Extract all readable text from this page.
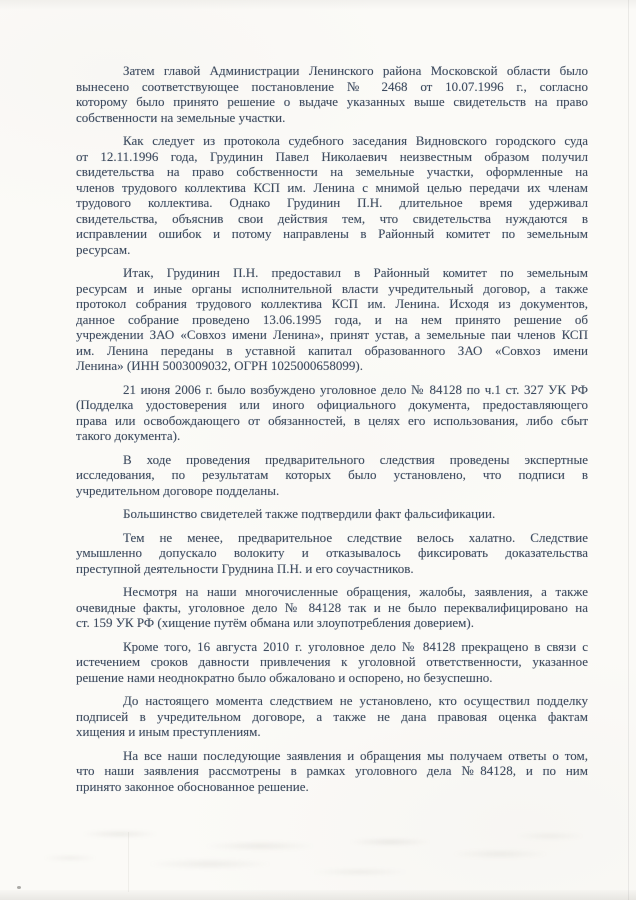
Затем главой Администрации Ленинского района Московской области было
вынесено соответствующее постановление № 2468 от 10.07.1996 г., согласно
которому было принято решение о выдаче указанных выше свидетельств на право
собственности на земельные участки.
Как следует из протокола судебного заседания Видновского городского суда
от 12.11.1996 года, Грудинин Павел Николаевич неизвестным образом получил
свидетельства на право собственности на земельные участки, оформленные на
членов трудового коллектива КСП им. Ленина с мнимой целью передачи их членам
трудового коллектива. Однако Грудинин П.Н. длительное время удерживал
свидетельства, объяснив свои действия тем, что свидетельства нуждаются в
исправлении ошибок и потому направлены в Районный комитет по земельным
ресурсам.
Итак, Грудинин П.Н. предоставил в Районный комитет по земельным
ресурсам и иные органы исполнительной власти учредительный договор, а также
протокол собрания трудового коллектива КСП им. Ленина. Исходя из документов,
данное собрание проведено 13.06.1995 года, и на нем принято решение об
учреждении ЗАО «Совхоз имени Ленина», принят устав, а земельные паи членов КСП
им. Ленина переданы в уставной капитал образованного ЗАО «Совхоз имени
Ленина» (ИНН 5003009032, ОГРН 1025000658099).
21 июня 2006 г. было возбуждено уголовное дело № 84128 по ч.1 ст. 327 УК РФ
(Подделка удостоверения или иного официального документа, предоставляющего
права или освобождающего от обязанностей, в целях его использования, либо сбыт
такого документа).
В ходе проведения предварительного следствия проведены экспертные
исследования, по результатам которых было установлено, что подписи в
учредительном договоре подделаны.
Большинство свидетелей также подтвердили факт фальсификации.
Тем не менее, предварительное следствие велось халатно. Следствие
умышленно допускало волокиту и отказывалось фиксировать доказательства
преступной деятельности Груднина П.Н. и его соучастников.
Несмотря на наши многочисленные обращения, жалобы, заявления, а также
очевидные факты, уголовное дело № 84128 так и не было переквалифицировано на
ст. 159 УК РФ (хищение путём обмана или злоупотребления доверием).
Кроме того, 16 августа 2010 г. уголовное дело № 84128 прекращено в связи с
истечением сроков давности привлечения к уголовной ответственности, указанное
решение нами неоднократно было обжаловано и оспорено, но безуспешно.
До настоящего момента следствием не установлено, кто осуществил подделку
подписей в учредительном договоре, а также не дана правовая оценка фактам
хищения и иным преступлениям.
На все наши последующие заявления и обращения мы получаем ответы о том,
что наши заявления рассмотрены в рамках уголовного дела №84128, и по ним
принято законное обоснованное решение.
